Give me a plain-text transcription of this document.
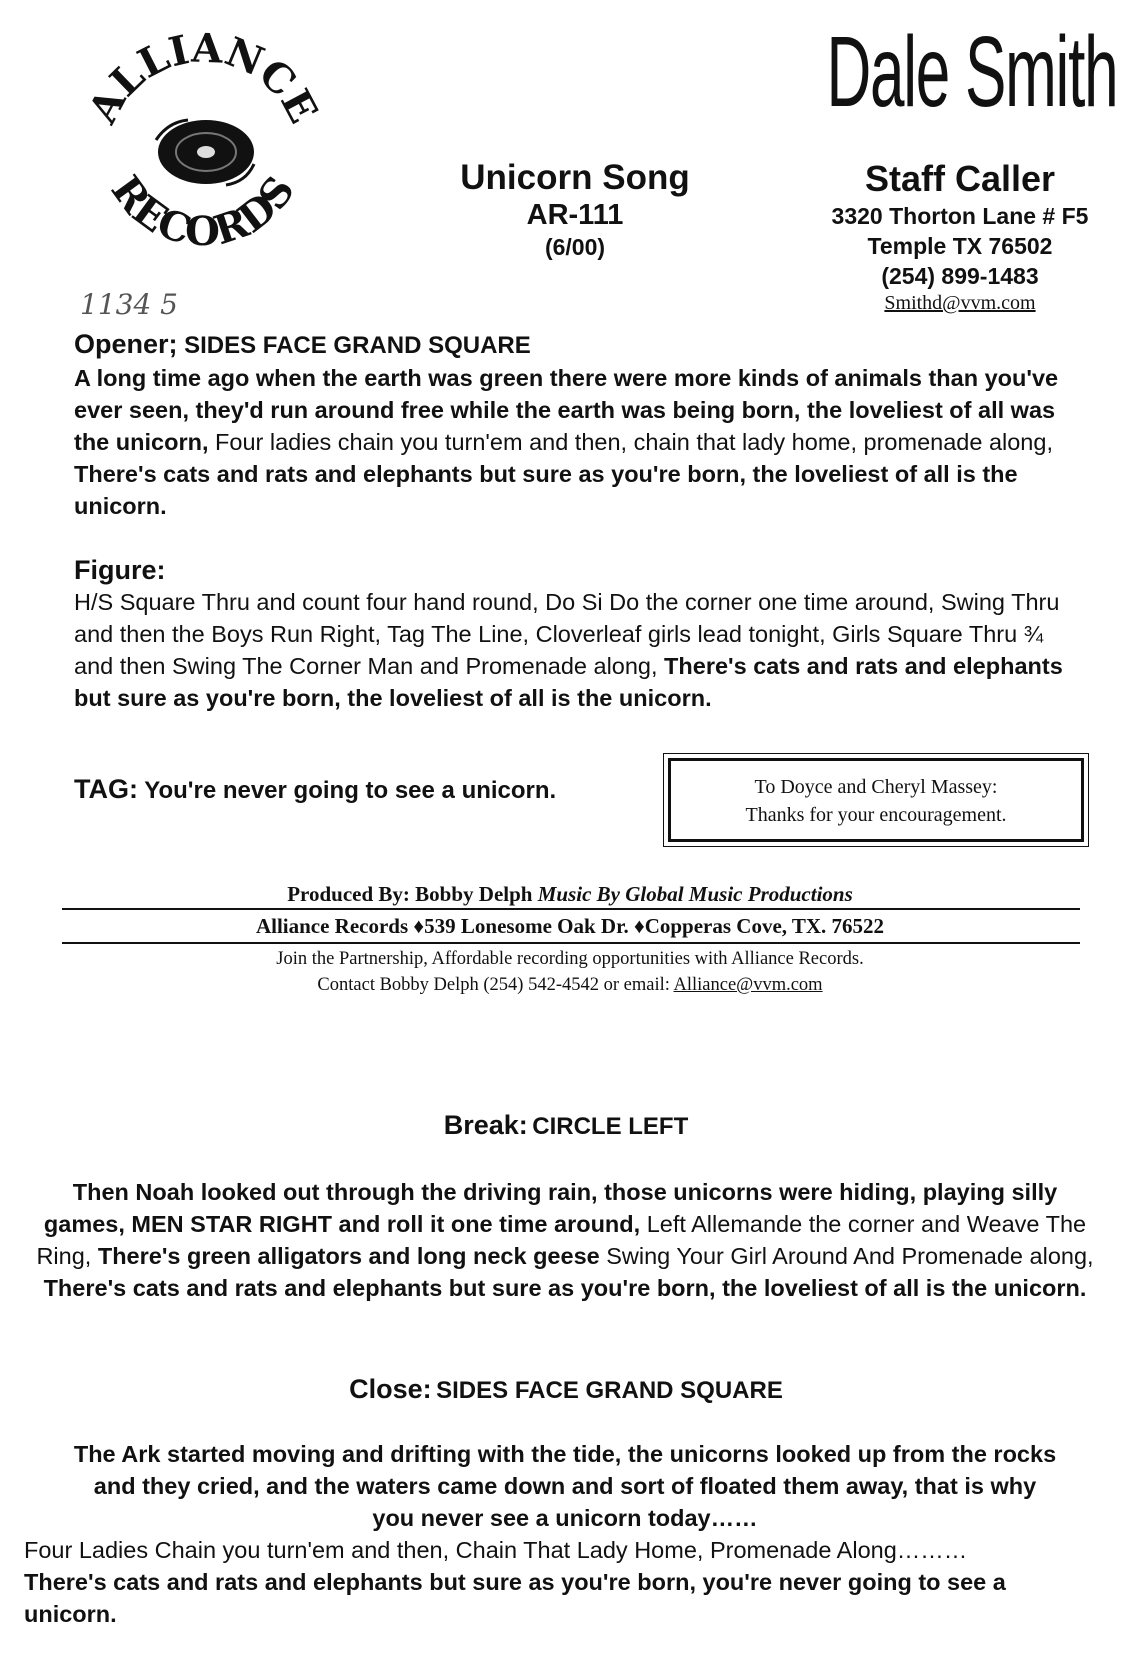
ALLIANCE
RECORDS	Unicorn Song
AR-111
(6/00)
Dale Smith
Staff Caller
3320 Thorton Lane # F5
Temple TX 76502
(254) 899-1483
Smithd@vvm.com
1134 5
Opener; SIDES FACE GRAND SQUARE
A long time ago when the earth was green there were more kinds of animals than you've ever seen, they'd run around free while the earth was being born, the loveliest of all was the unicorn, Four ladies chain you turn'em and then, chain that lady home, promenade along, There's cats and rats and elephants but sure as you're born, the loveliest of all is the unicorn.
Figure:
H/S Square Thru and count four hand round, Do Si Do the corner one time around, Swing Thru and then the Boys Run Right, Tag The Line, Cloverleaf girls lead tonight, Girls Square Thru ¾ and then Swing The Corner Man and Promenade along, There's cats and rats and elephants but sure as you're born, the loveliest of all is the unicorn.
TAG: You're never going to see a unicorn.	To Doyce and Cheryl Massey:
Thanks for your encouragement.
Produced By: Bobby Delph Music By Global Music Productions
Alliance Records ♦539 Lonesome Oak Dr. ♦Copperas Cove, TX. 76522
Join the Partnership, Affordable recording opportunities with Alliance Records.
Contact Bobby Delph (254) 542-4542 or email: Alliance@vvm.com
Break: CIRCLE LEFT
Then Noah looked out through the driving rain, those unicorns were hiding, playing silly games, MEN STAR RIGHT and roll it one time around, Left Allemande the corner and Weave The Ring, There's green alligators and long neck geese Swing Your Girl Around And Promenade along, There's cats and rats and elephants but sure as you're born, the loveliest of all is the unicorn.
Close: SIDES FACE GRAND SQUARE
The Ark started moving and drifting with the tide, the unicorns looked up from the rocks and they cried, and the waters came down and sort of floated them away, that is why you never see a unicorn today……
Four Ladies Chain you turn'em and then, Chain That Lady Home, Promenade Along………There's cats and rats and elephants but sure as you're born, you're never going to see a unicorn.
